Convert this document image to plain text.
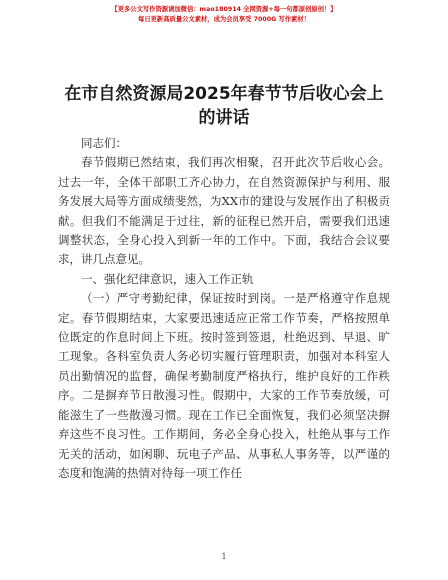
【更多公文写作资源请加微信：mao180914 全网资源+每一句都原创原创！】
每日更新高质量公文素材，成为会员享受 7000G 写作素材！
在市自然资源局2025年春节节后收心会上的讲话

同志们：

春节假期已然结束，我们再次相聚，召开此次节后收心会。过去一年，全体干部职工齐心协力，在自然资源保护与利用、服务发展大局等方面成绩斐然，为XX市的建设与发展作出了积极贡献。但我们不能满足于过往，新的征程已然开启，需要我们迅速调整状态，全身心投入到新一年的工作中。下面，我结合会议要求，讲几点意见。

一、强化纪律意识，速入工作正轨

（一）严守考勤纪律，保证按时到岗。一是严格遵守作息规定。春节假期结束，大家要迅速适应正常工作节奏，严格按照单位既定的作息时间上下班。按时签到签退，杜绝迟到、早退、旷工现象。各科室负责人务必切实履行管理职责，加强对本科室人员出勤情况的监督，确保考勤制度严格执行，维护良好的工作秩序。二是摒弃节日散漫习性。假期中，大家的工作节奏放缓，可能滋生了一些散漫习惯。现在工作已全面恢复，我们必须坚决摒弃这些不良习性。工作期间，务必全身心投入，杜绝从事与工作无关的活动，如闲聊、玩电子产品、从事私人事务等，以严谨的态度和饱满的热情对待每一项工作任

1
